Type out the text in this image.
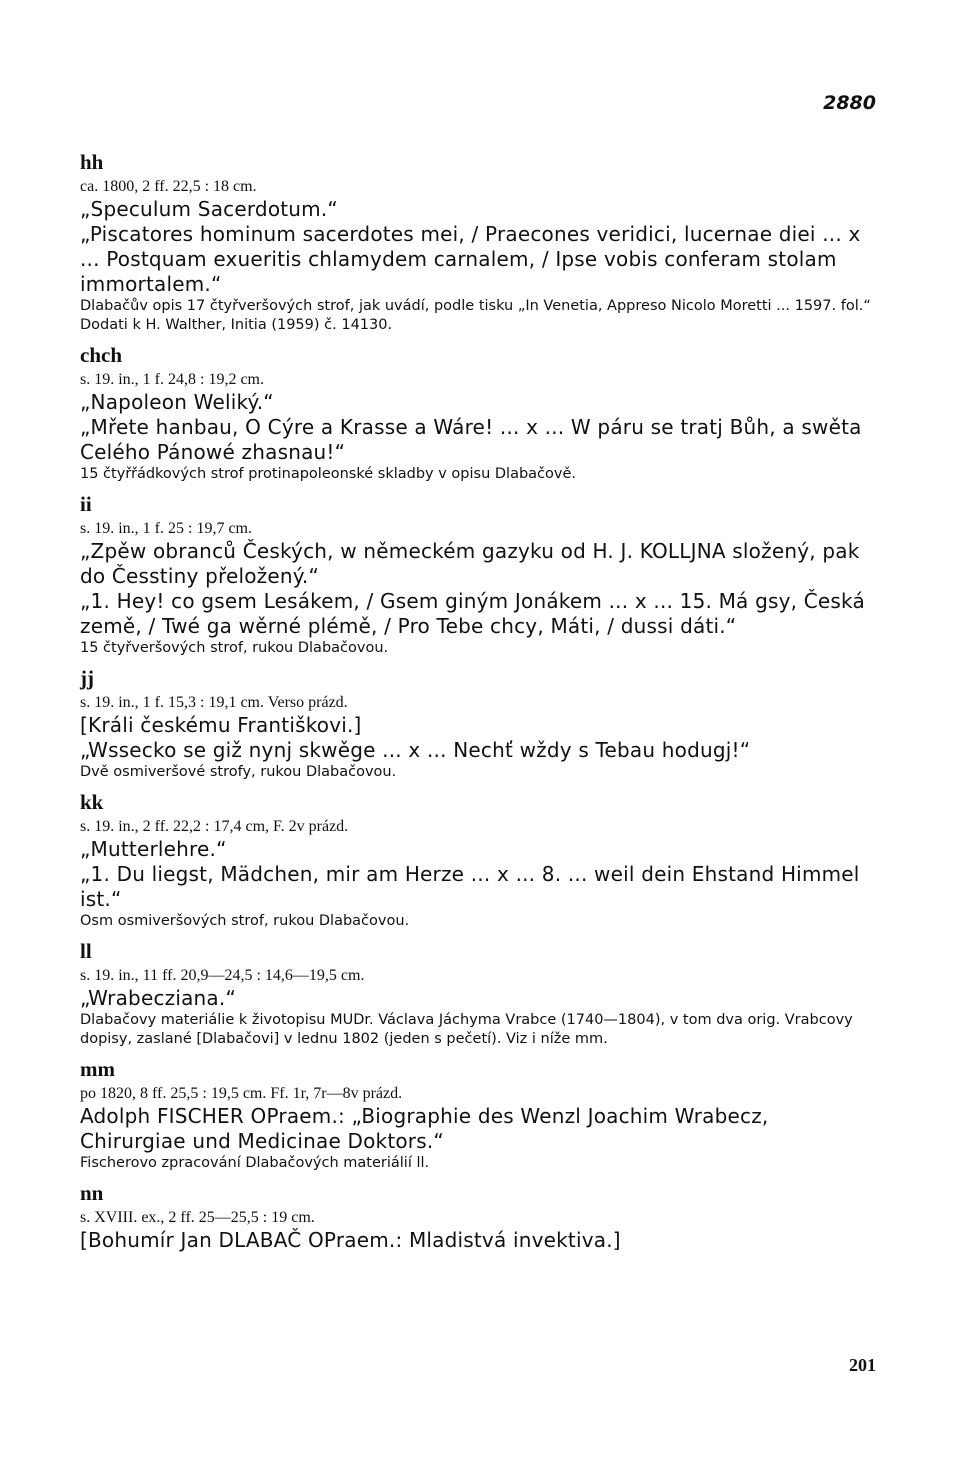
2880
hh
ca. 1800, 2 ff. 22,5 : 18 cm.
„Speculum Sacerdotum.“
„Piscatores hominum sacerdotes mei, / Praecones veridici, lucernae diei ... x ... Postquam exueritis chlamydem carnalem, / Ipse vobis conferam stolam immortalem.“
Dlabačův opis 17 čtyřveršových strof, jak uvádí, podle tisku „In Venetia, Appreso Nicolo Moretti ... 1597. fol.“
Dodati k H. Walther, Initia (1959) č. 14130.
chch
s. 19. in., 1 f. 24,8 : 19,2 cm.
„Napoleon Weliký.“
„Mřete hanbau, O Cýre a Krasse a Wáre! ... x ... W páru se tratj Bůh, a swěta Celého Pánowé zhasnau!“
15 čtyřřádkových strof protinapoleonské skladby v opisu Dlabačově.
ii
s. 19. in., 1 f. 25 : 19,7 cm.
„Zpěw obranců Českých, w německém gazyku od H. J. KOLLJNA složený, pak do Česstiny přeložený.“
„1. Hey! co gsem Lesákem, / Gsem giným Jonákem ... x ... 15. Má gsy, Česká země, / Twé ga wěrné plémě, / Pro Tebe chcy, Máti, / dussi dáti.“
15 čtyřveršových strof, rukou Dlabačovou.
jj
s. 19. in., 1 f. 15,3 : 19,1 cm. Verso prázd.
[Králi českému Františkovi.]
„Wssecko se giž nynj skwěge ... x ... Nechť wždy s Tebau hodugj!“
Dvě osmiveršové strofy, rukou Dlabačovou.
kk
s. 19. in., 2 ff. 22,2 : 17,4 cm, F. 2v prázd.
„Mutterlehre.“
„1. Du liegst, Mädchen, mir am Herze ... x ... 8. ... weil dein Ehstand Himmel ist.“
Osm osmiveršových strof, rukou Dlabačovou.
ll
s. 19. in., 11 ff. 20,9—24,5 : 14,6—19,5 cm.
„Wrabecziana.“
Dlabačovy materiálie k životopisu MUDr. Václava Jáchyma Vrabce (1740—1804), v tom dva orig. Vrabcovy dopisy, zaslané [Dlabačovi] v lednu 1802 (jeden s pečetí). Viz i níže mm.
mm
po 1820, 8 ff. 25,5 : 19,5 cm. Ff. 1r, 7r—8v prázd.
Adolph FISCHER OPraem.: „Biographie des Wenzl Joachim Wrabecz, Chirurgiae und Medicinae Doktors.“
Fischerovo zpracování Dlabačových materiálií ll.
nn
s. XVIII. ex., 2 ff. 25—25,5 : 19 cm.
[Bohumír Jan DLABAČ OPraem.: Mladistvá invektiva.]
201
